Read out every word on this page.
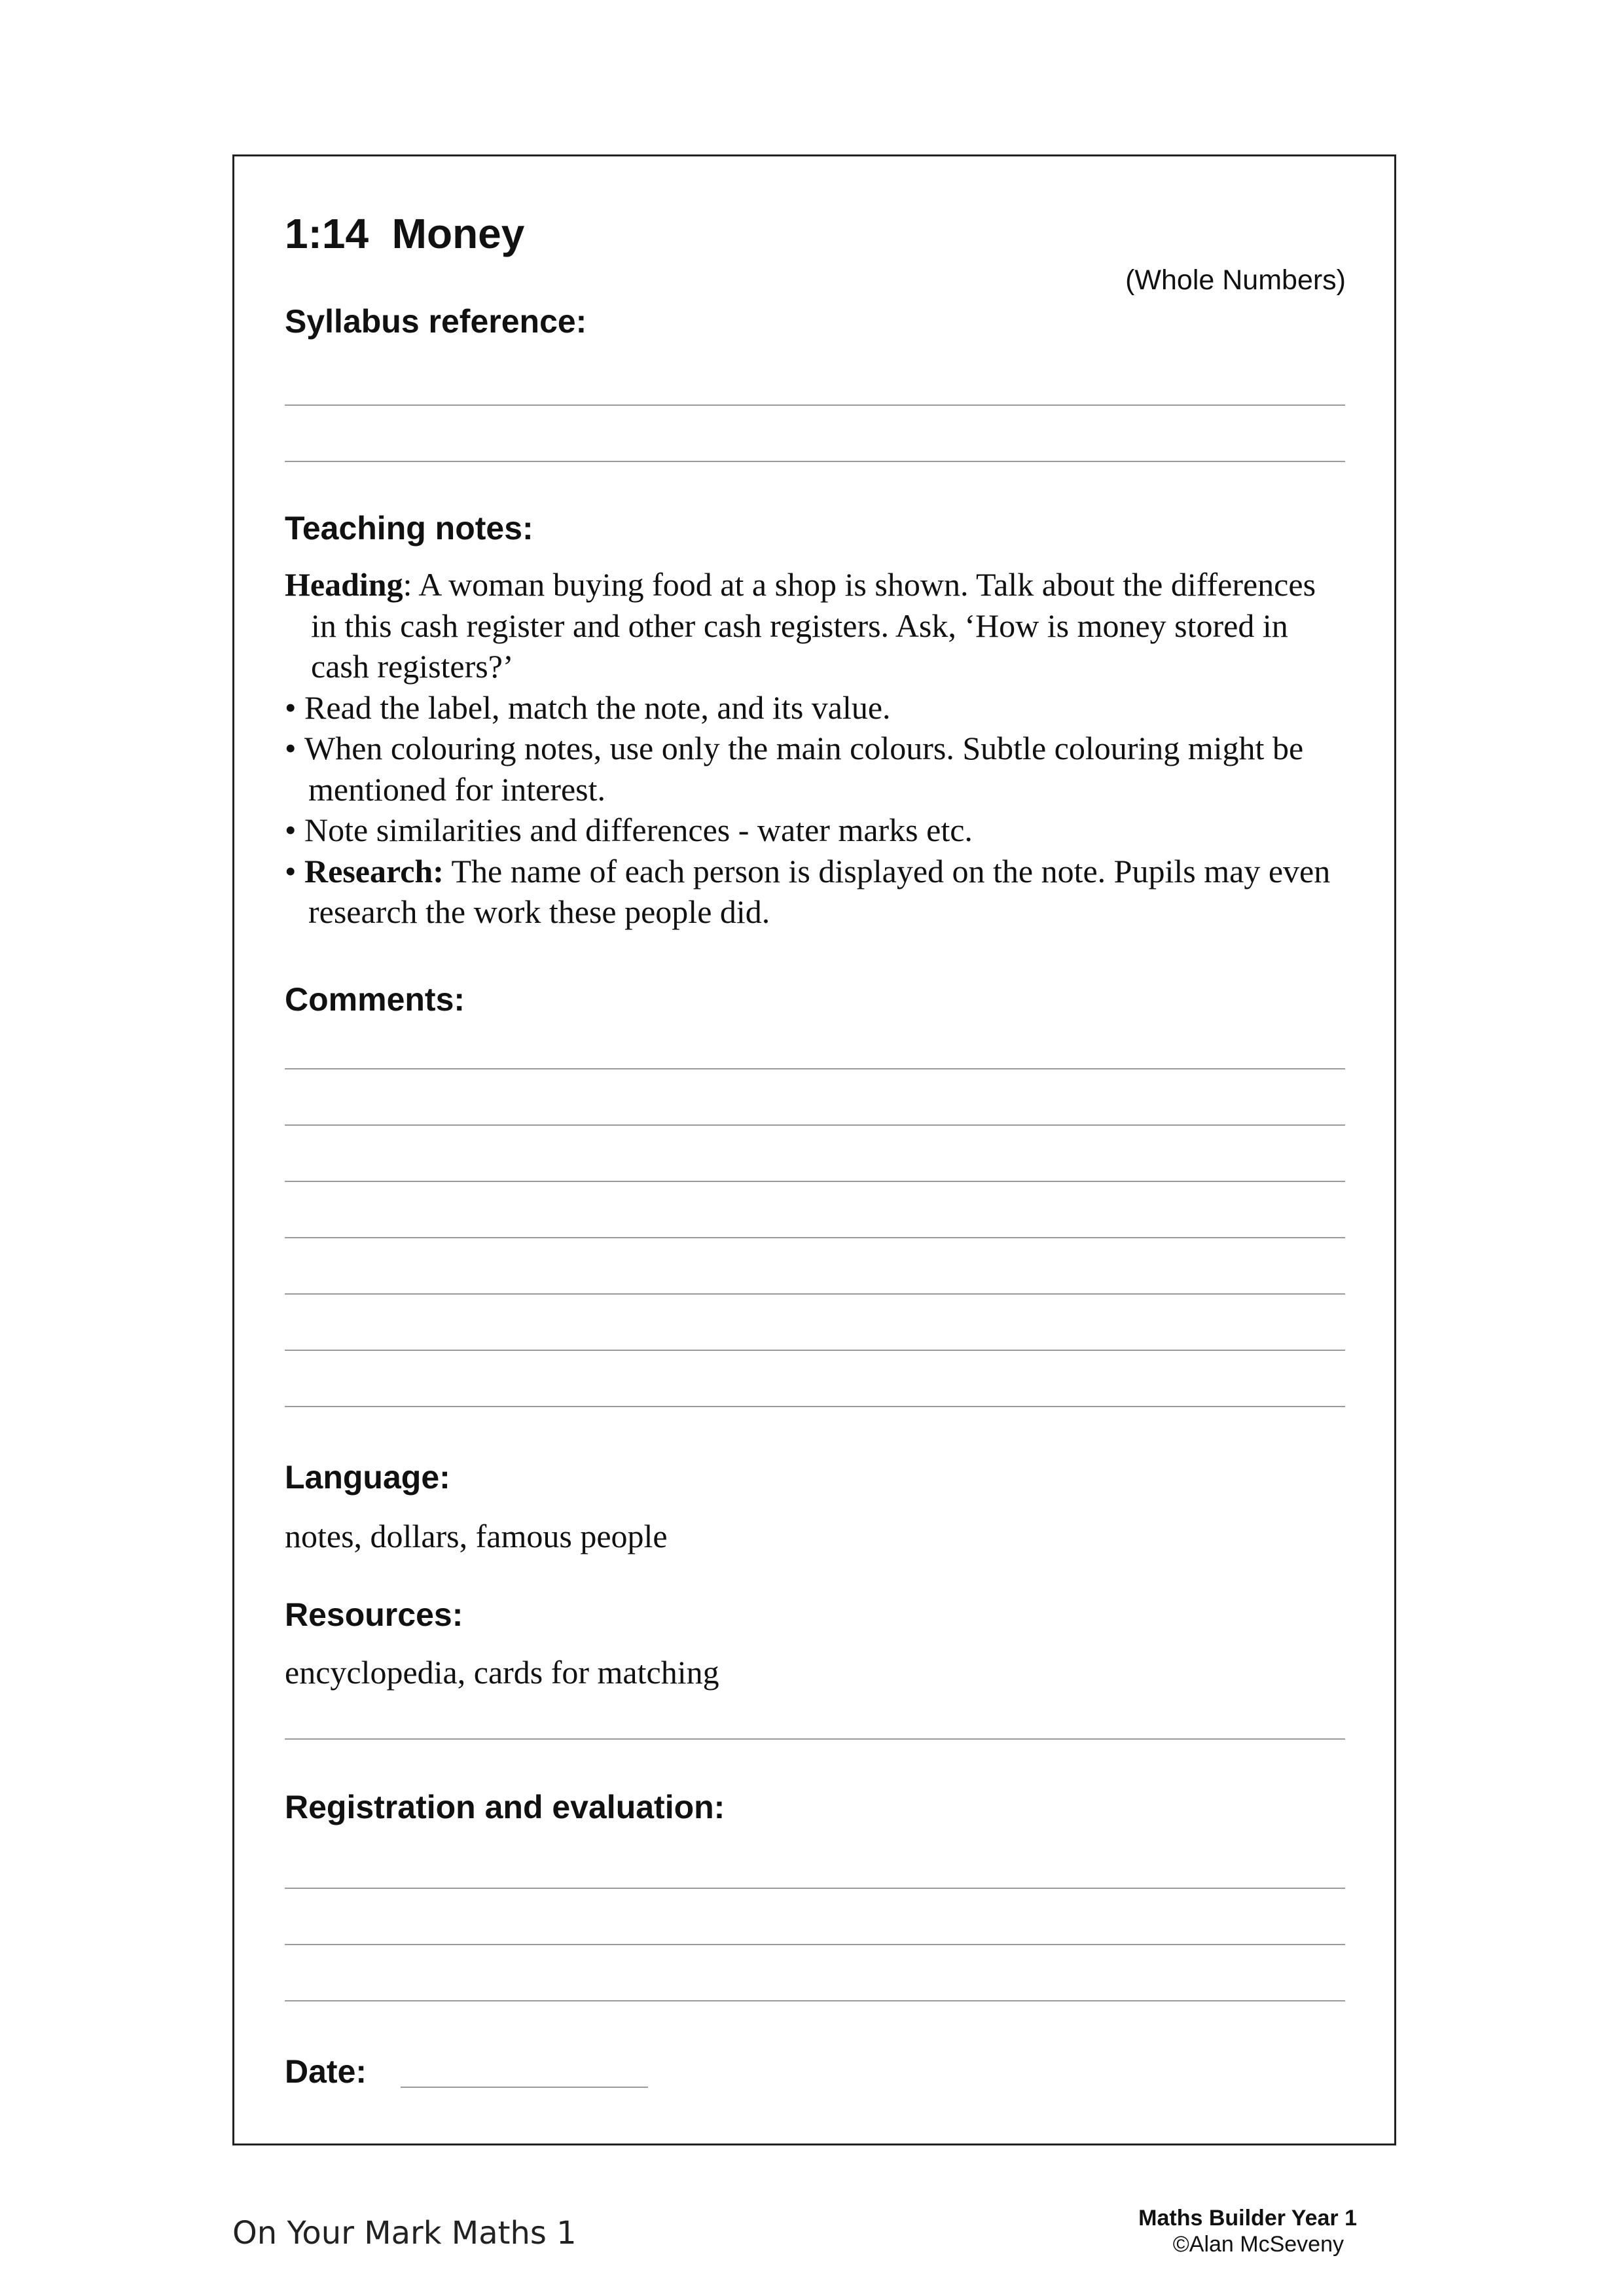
1:14  Money
(Whole Numbers)
Syllabus reference:
Teaching notes:

Heading: A woman buying food at a shop is shown. Talk about the differences in this cash register and other cash registers. Ask, ‘How is money stored in cash registers?’

• Read the label, match the note, and its value.

• When colouring notes, use only the main colours. Subtle colouring might be mentioned for interest.

• Note similarities and differences - water marks etc.

• Research: The name of each person is displayed on the note. Pupils may even research the work these people did.

Comments:
Language:
notes, dollars, famous people
Resources:
encyclopedia, cards for matching
Registration and evaluation:
Date:
On Your Mark Maths 1	Maths Builder Year 1
©Alan McSeveny
